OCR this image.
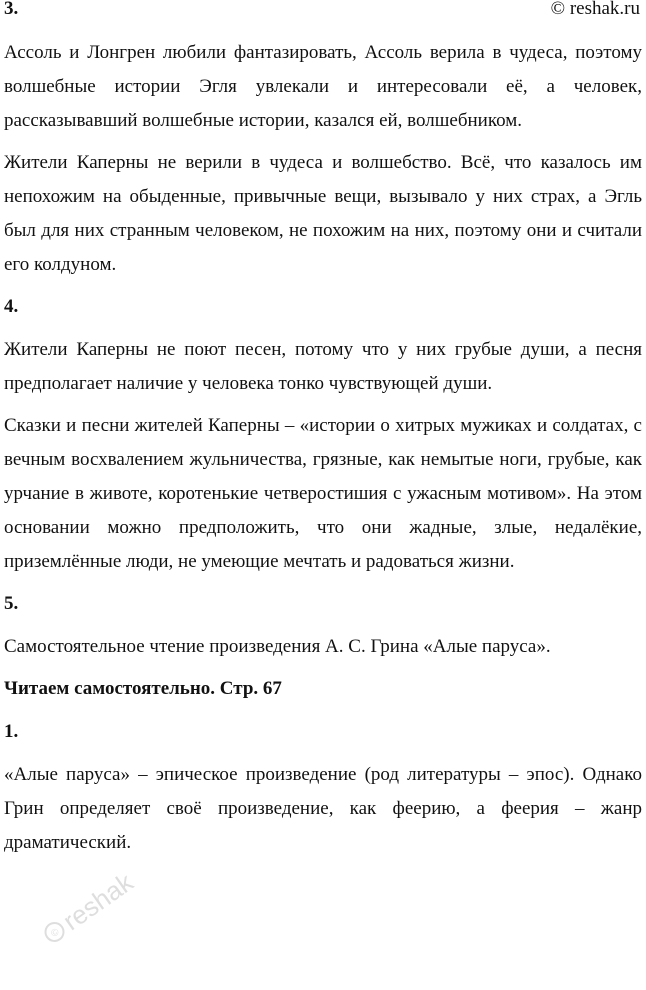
3.	© reshak.ru

Ассоль и Лонгрен любили фантазировать, Ассоль верила в чудеса, поэтому волшебные истории Эгля увлекали и интересовали её, а человек, рассказывавший волшебные истории, казался ей, волшебником.

Жители Каперны не верили в чудеса и волшебство. Всё, что казалось им непохожим на обыденные, привычные вещи, вызывало у них страх, а Эгль был для них странным человеком, не похожим на них, поэтому они и считали его колдуном.

4.

Жители Каперны не поют песен, потому что у них грубые души, а песня предполагает наличие у человека тонко чувствующей души.

Сказки и песни жителей Каперны – «истории о хитрых мужиках и солдатах, с вечным восхвалением жульничества, грязные, как немытые ноги, грубые, как урчание в животе, коротенькие четверостишия с ужасным мотивом». На этом основании можно предположить, что они жадные, злые, недалёкие, приземлённые люди, не умеющие мечтать и радоваться жизни.

5.

Самостоятельное чтение произведения А. С. Грина «Алые паруса».

Читаем самостоятельно. Стр. 67
1.

«Алые паруса» – эпическое произведение (род литературы – эпос). Однако Грин определяет своё произведение, как феерию, а феерия – жанр драматический.

©
reshak
